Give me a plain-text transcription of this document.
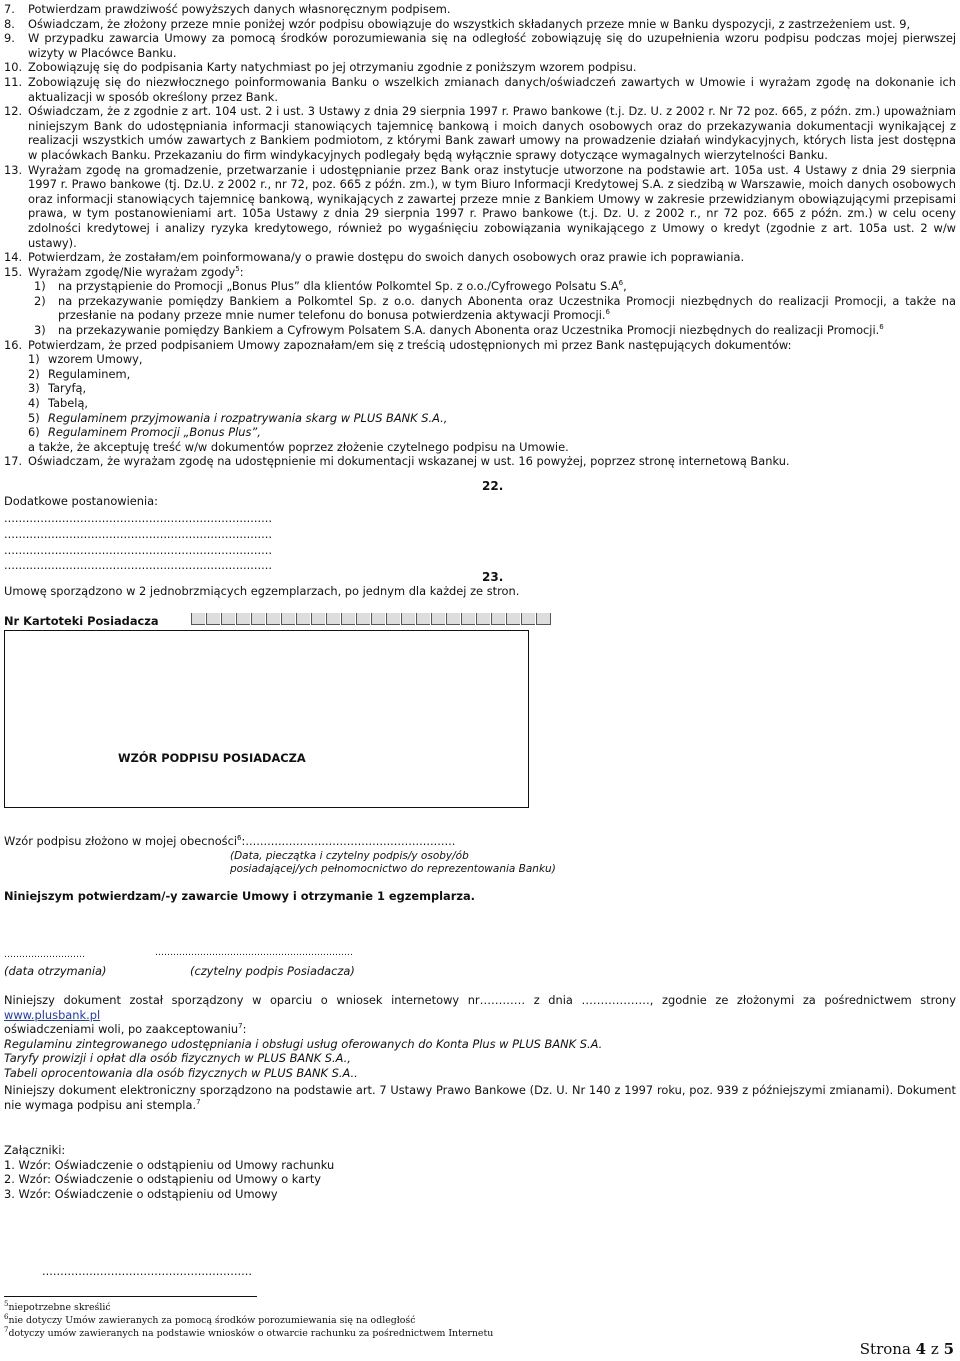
7. Potwierdzam prawdziwość powyższych danych własnoręcznym podpisem.
8. Oświadczam, że złożony przeze mnie poniżej wzór podpisu obowiązuje do wszystkich składanych przeze mnie w Banku dyspozycji, z zastrzeżeniem ust. 9,
9. W przypadku zawarcia Umowy za pomocą środków porozumiewania się na odległość zobowiązuję się do uzupełnienia wzoru podpisu podczas mojej pierwszej wizyty w Placówce Banku.
10. Zobowiązuję się do podpisania Karty natychmiast po jej otrzymaniu zgodnie z poniższym wzorem podpisu.
11. Zobowiązuję się do niezwłocznego poinformowania Banku o wszelkich zmianach danych/oświadczeń zawartych w Umowie i wyrażam zgodę na dokonanie ich aktualizacji w sposób określony przez Bank.
12. Oświadczam, że z zgodnie z art. 104 ust. 2 i ust. 3 Ustawy z dnia 29 sierpnia 1997 r. Prawo bankowe (t.j. Dz. U. z 2002 r. Nr 72 poz. 665, z późn. zm.) upoważniam niniejszym Bank do udostępniania informacji stanowiących tajemnicę bankową i moich danych osobowych oraz do przekazywania dokumentacji wynikającej z realizacji wszystkich umów zawartych z Bankiem podmiotom, z którymi Bank zawarł umowy na prowadzenie działań windykacyjnych, których lista jest dostępna w placówkach Banku. Przekazaniu do firm windykacyjnych podlegały będą wyłącznie sprawy dotyczące wymagalnych wierzytelności Banku.
13. Wyrażam zgodę na gromadzenie, przetwarzanie i udostępnianie przez Bank oraz instytucje utworzone na podstawie art. 105a ust. 4 Ustawy z dnia 29 sierpnia 1997 r. Prawo bankowe (tj. Dz.U. z 2002 r., nr 72, poz. 665 z późn. zm.), w tym Biuro Informacji Kredytowej S.A. z siedzibą w Warszawie, moich danych osobowych oraz informacji stanowiących tajemnicę bankową, wynikających z zawartej przeze mnie z Bankiem Umowy w zakresie przewidzianym obowiązującymi przepisami prawa, w tym postanowieniami art. 105a Ustawy z dnia 29 sierpnia 1997 r. Prawo bankowe (t.j. Dz. U. z 2002 r., nr 72 poz. 665 z późn. zm.) w celu oceny zdolności kredytowej i analizy ryzyka kredytowego, również po wygaśnięciu zobowiązania wynikającego z Umowy o kredyt (zgodnie z art. 105a ust. 2 w/w ustawy).
14. Potwierdzam, że zostałam/em poinformowana/y o prawie dostępu do swoich danych osobowych oraz prawie ich poprawiania.
15. Wyrażam zgodę/Nie wyrażam zgody$^5$:
1) na przystąpienie do Promocji „Bonus Plus” dla klientów Polkomtel Sp. z o.o./Cyfrowego Polsatu $S.A^6$,
2) na przekazywanie pomiędzy Bankiem a Polkomtel Sp. z o.o. danych Abonenta oraz Uczestnika Promocji niezbędnych do realizacji Promocji, a także na przesłanie na podany przeze mnie numer telefonu do bonusa potwierdzenia aktywacji Promocji.$^6$
3) na przekazywanie pomiędzy Bankiem a Cyfrowym Polsatem S.A. danych Abonenta oraz Uczestnika Promocji niezbędnych do realizacji Promocji.$^6$
16. Potwierdzam, że przed podpisaniem Umowy zapoznałam/em się z treścią udostępnionych mi przez Bank następujących dokumentów:
1) wzorem Umowy,
2) Regulaminem,
3) Taryfą,
4) Tabelą,
5) Regulaminem przyjmowania i rozpatrywania skarg w PLUS BANK S.A.,
6) Regulaminem Promocji „Bonus Plus”,
a także, że akceptuję treść w/w dokumentów poprzez złożenie czytelnego podpisu na Umowie.
17. Oświadczam, że wyrażam zgodę na udostępnienie mi dokumentacji wskazanej w ust. 16 powyżej, poprzez stronę internetową Banku.
22.
Dodatkowe postanowienia:
..........................................................................
..........................................................................
..........................................................................
..........................................................................
23.
Umowę sporządzono w 2 jednobrzmiących egzemplarzach, po jednym dla każdej ze stron.
Nr Kartoteki Posiadacza
WZÓR PODPISU POSIADACZA
Wzór podpisu złożono w mojej obecności$^6$:..........................................................
(Data, pieczątka i czytelny podpis/y osoby/ób
posiadającej/ych pełnomocnictwo do reprezentowania Banku)
Niniejszym potwierdzam/-y zawarcie Umowy i otrzymanie 1 egzemplarza.
………………………	…………………………………………………………
(data otrzymania)	(czytelny podpis Posiadacza)
Niniejszy dokument został sporządzony w oparciu o wniosek internetowy nr………… z dnia ………………, zgodnie ze złożonymi za pośrednictwem strony www.plusbank.pl
oświadczeniami woli, po zaakceptowaniu$^7$:
Regulaminu zintegrowanego udostępniania i obsługi usług oferowanych do Konta Plus w PLUS BANK S.A.
Taryfy prowizji i opłat dla osób fizycznych w PLUS BANK S.A.,
Tabeli oprocentowania dla osób fizycznych w PLUS BANK S.A..
Niniejszy dokument elektroniczny sporządzono na podstawie art. 7 Ustawy Prawo Bankowe (Dz. U. Nr 140 z 1997 roku, poz. 939 z późniejszymi zmianami). Dokument nie wymaga podpisu ani stempla.$^7$
Załączniki:
1. Wzór: Oświadczenie o odstąpieniu od Umowy rachunku
2. Wzór: Oświadczenie o odstąpieniu od Umowy o karty
3. Wzór: Oświadczenie o odstąpieniu od Umowy
..........................................................
$^5$niepotrzebne skreślić
$^6$nie dotyczy Umów zawieranych za pomocą środków porozumiewania się na odległość
$^7$dotyczy umów zawieranych na podstawie wniosków o otwarcie rachunku za pośrednictwem Internetu
Strona 4 z 5
